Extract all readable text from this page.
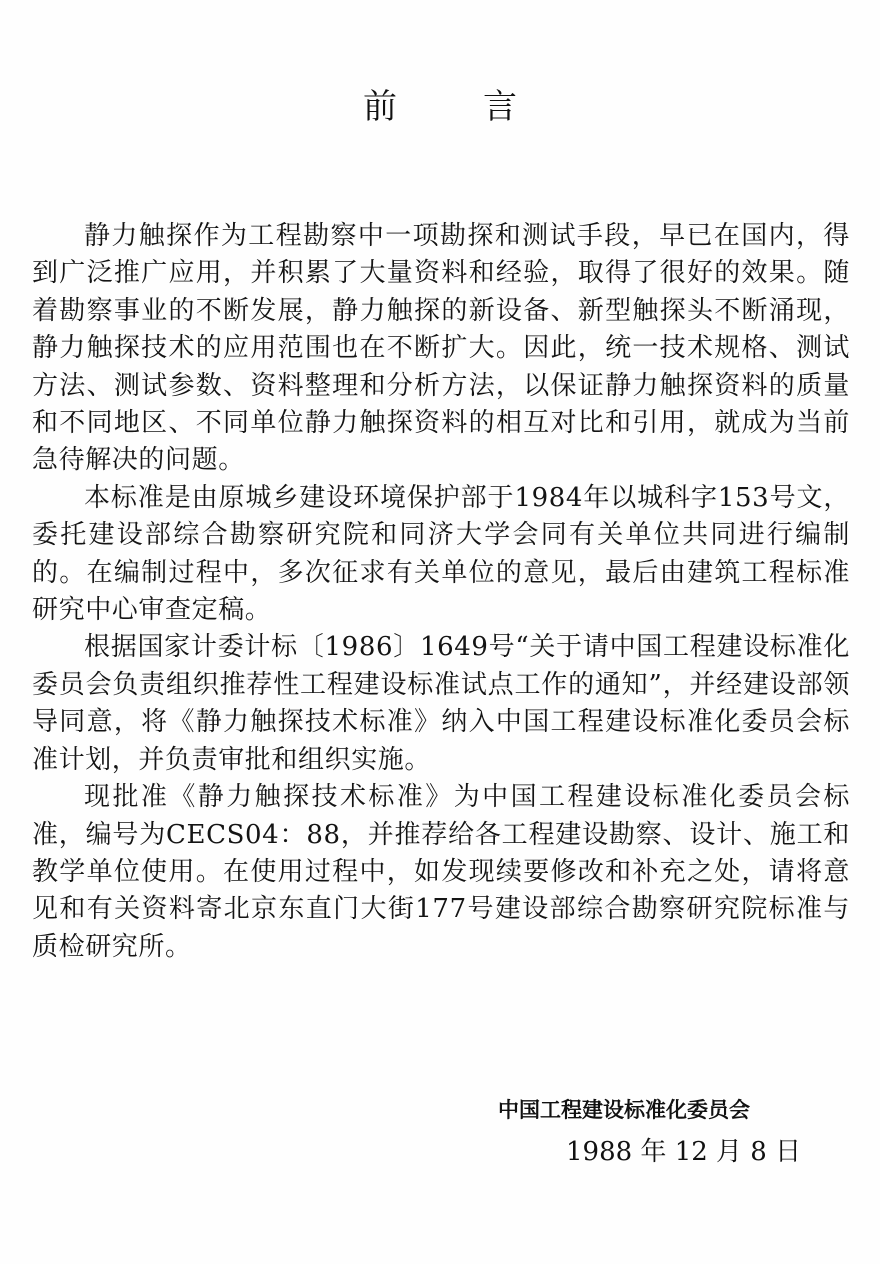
前言

静力触探作为工程勘察中一项勘探和测试手段，早已在国内，得到广泛推广应用，并积累了大量资料和经验，取得了很好的效果。随着勘察事业的不断发展，静力触探的新设备、新型触探头不断涌现，静力触探技术的应用范围也在不断扩大。因此，统一技术规格、测试方法、测试参数、资料整理和分析方法，以保证静力触探资料的质量和不同地区、不同单位静力触探资料的相互对比和引用，就成为当前急待解决的问题。

本标准是由原城乡建设环境保护部于1984年以城科字153号文，委托建设部综合勘察研究院和同济大学会同有关单位共同进行编制的。在编制过程中，多次征求有关单位的意见，最后由建筑工程标准研究中心审查定稿。

根据国家计委计标〔1986〕1649号“关于请中国工程建设标准化委员会负责组织推荐性工程建设标准试点工作的通知”，并经建设部领导同意，将《静力触探技术标准》纳入中国工程建设标准化委员会标准计划，并负责审批和组织实施。

现批准《静力触探技术标准》为中国工程建设标准化委员会标准，编号为CECS04：88，并推荐给各工程建设勘察、设计、施工和教学单位使用。在使用过程中，如发现续要修改和补充之处，请将意见和有关资料寄北京东直门大街177号建设部综合勘察研究院标准与质检研究所。

中国工程建设标准化委员会
1988 年 12 月 8 日
